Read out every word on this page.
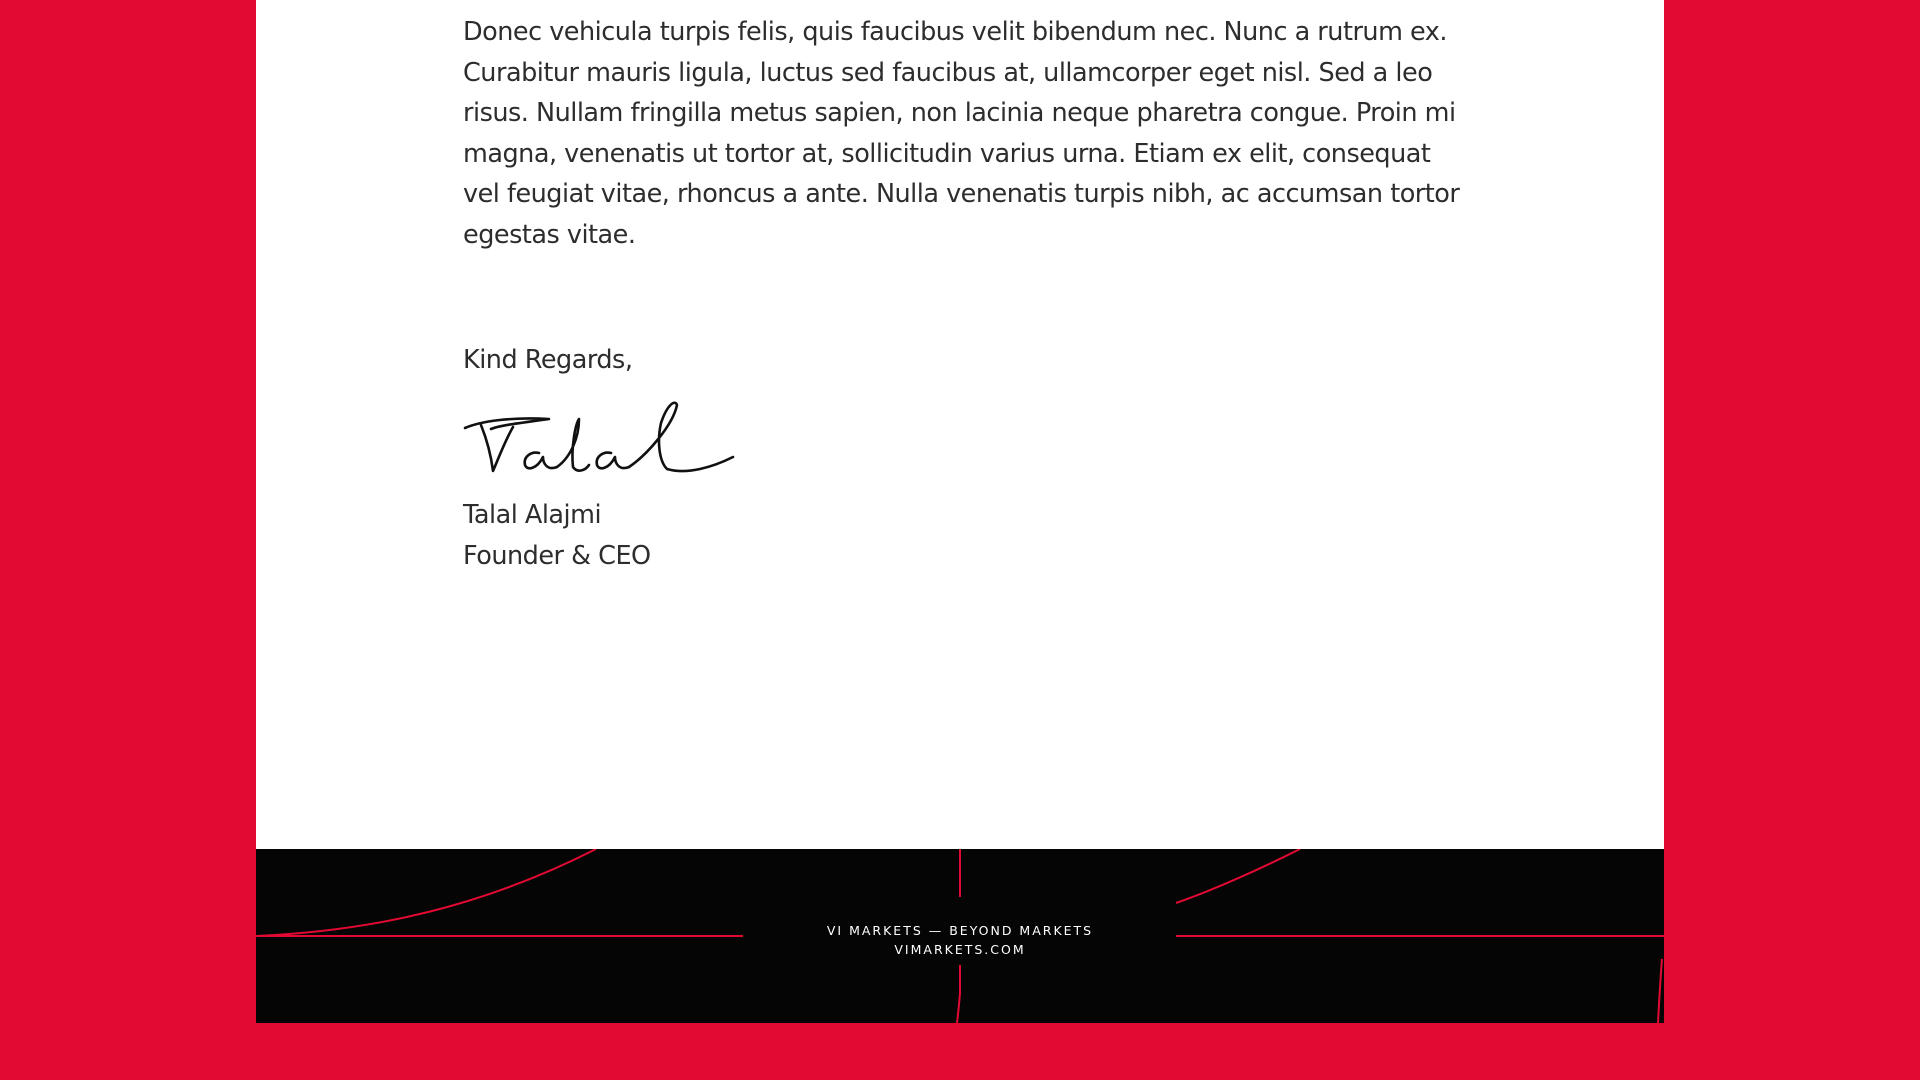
Donec vehicula turpis felis, quis faucibus velit bibendum nec. Nunc a rutrum ex. Curabitur mauris ligula, luctus sed faucibus at, ullamcorper eget nisl. Sed a leo risus. Nullam fringilla metus sapien, non lacinia neque pharetra congue. Proin mi magna, venenatis ut tortor at, sollicitudin varius urna. Etiam ex elit, consequat vel feugiat vitae, rhoncus a ante. Nulla venenatis turpis nibh, ac accumsan tortor egestas vitae.

Kind Regards,

Talal Alajmi
Founder & CEO
VI MARKETS — BEYOND MARKETS
VIMARKETS.COM
